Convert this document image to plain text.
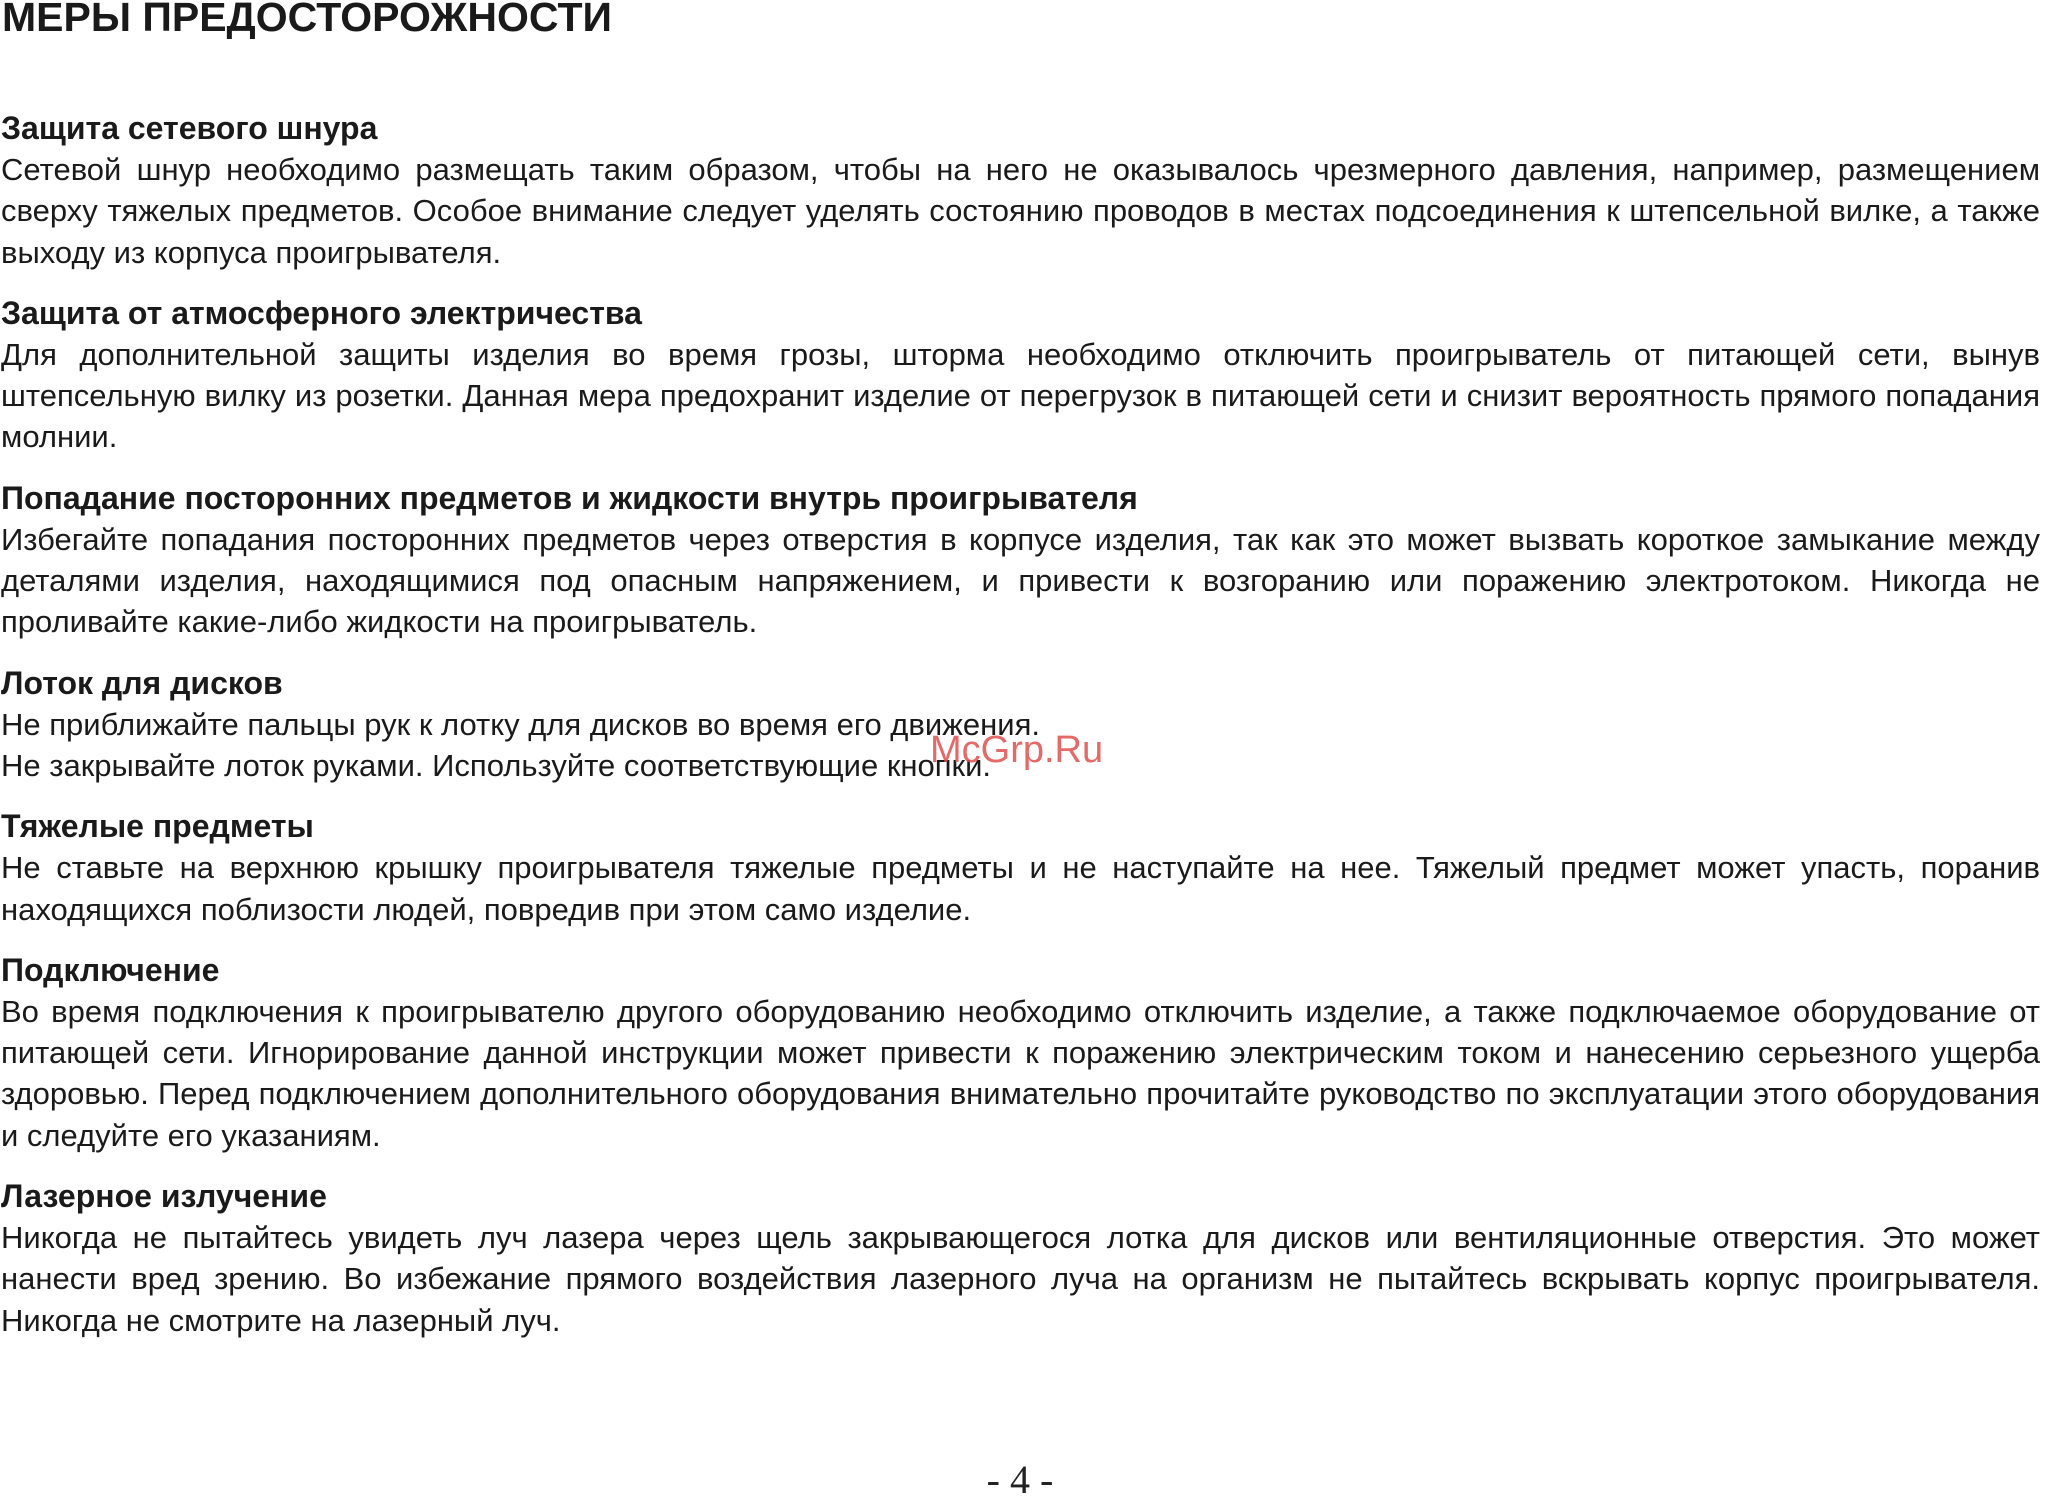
МЕРЫ ПРЕДОСТОРОЖНОСТИ
Защита сетевого шнура

Сетевой шнур необходимо размещать таким образом, чтобы на него не оказывалось чрезмерного давления, например, размещением сверху тяжелых предметов. Особое внимание следует уделять состоянию проводов в местах подсоединения к штепсельной вилке, а также выходу из корпуса проигрывателя.

Защита от атмосферного электричества

Для дополнительной защиты изделия во время грозы, шторма необходимо отключить проигрыватель от питающей сети, вынув штепсельную вилку из розетки. Данная мера предохранит изделие от перегрузок в питающей сети и снизит вероятность прямого попадания молнии.

Попадание посторонних предметов и жидкости внутрь проигрывателя

Избегайте попадания посторонних предметов через отверстия в корпусе изделия, так как это может вызвать короткое замыкание между деталями изделия, находящимися под опасным напряжением, и привести к возгоранию или поражению электротоком. Никогда не проливайте какие-либо жидкости на проигрыватель.

Лоток для дисков

Не приближайте пальцы рук к лотку для дисков во время его движения.

Не закрывайте лоток руками. Используйте соответствующие кнопки.

Тяжелые предметы

Не ставьте на верхнюю крышку проигрывателя тяжелые предметы и не наступайте на нее. Тяжелый предмет может упасть, поранив находящихся поблизости людей, повредив при этом само изделие.

Подключение

Во время подключения к проигрывателю другого оборудованию необходимо отключить изделие, а также подключаемое оборудование от питающей сети. Игнорирование данной инструкции может привести к поражению электрическим током и нанесению серьезного ущерба здоровью. Перед подключением дополнительного оборудования внимательно прочитайте руководство по эксплуатации этого оборудования и следуйте его указаниям.

Лазерное излучение

Никогда не пытайтесь увидеть луч лазера через щель закрывающегося лотка для дисков или вентиляционные отверстия. Это может нанести вред зрению. Во избежание прямого воздействия лазерного луча на организм не пытайтесь вскрывать корпус проигрывателя. Никогда не смотрите на лазерный луч.

McGrp.Ru
- 4 -
